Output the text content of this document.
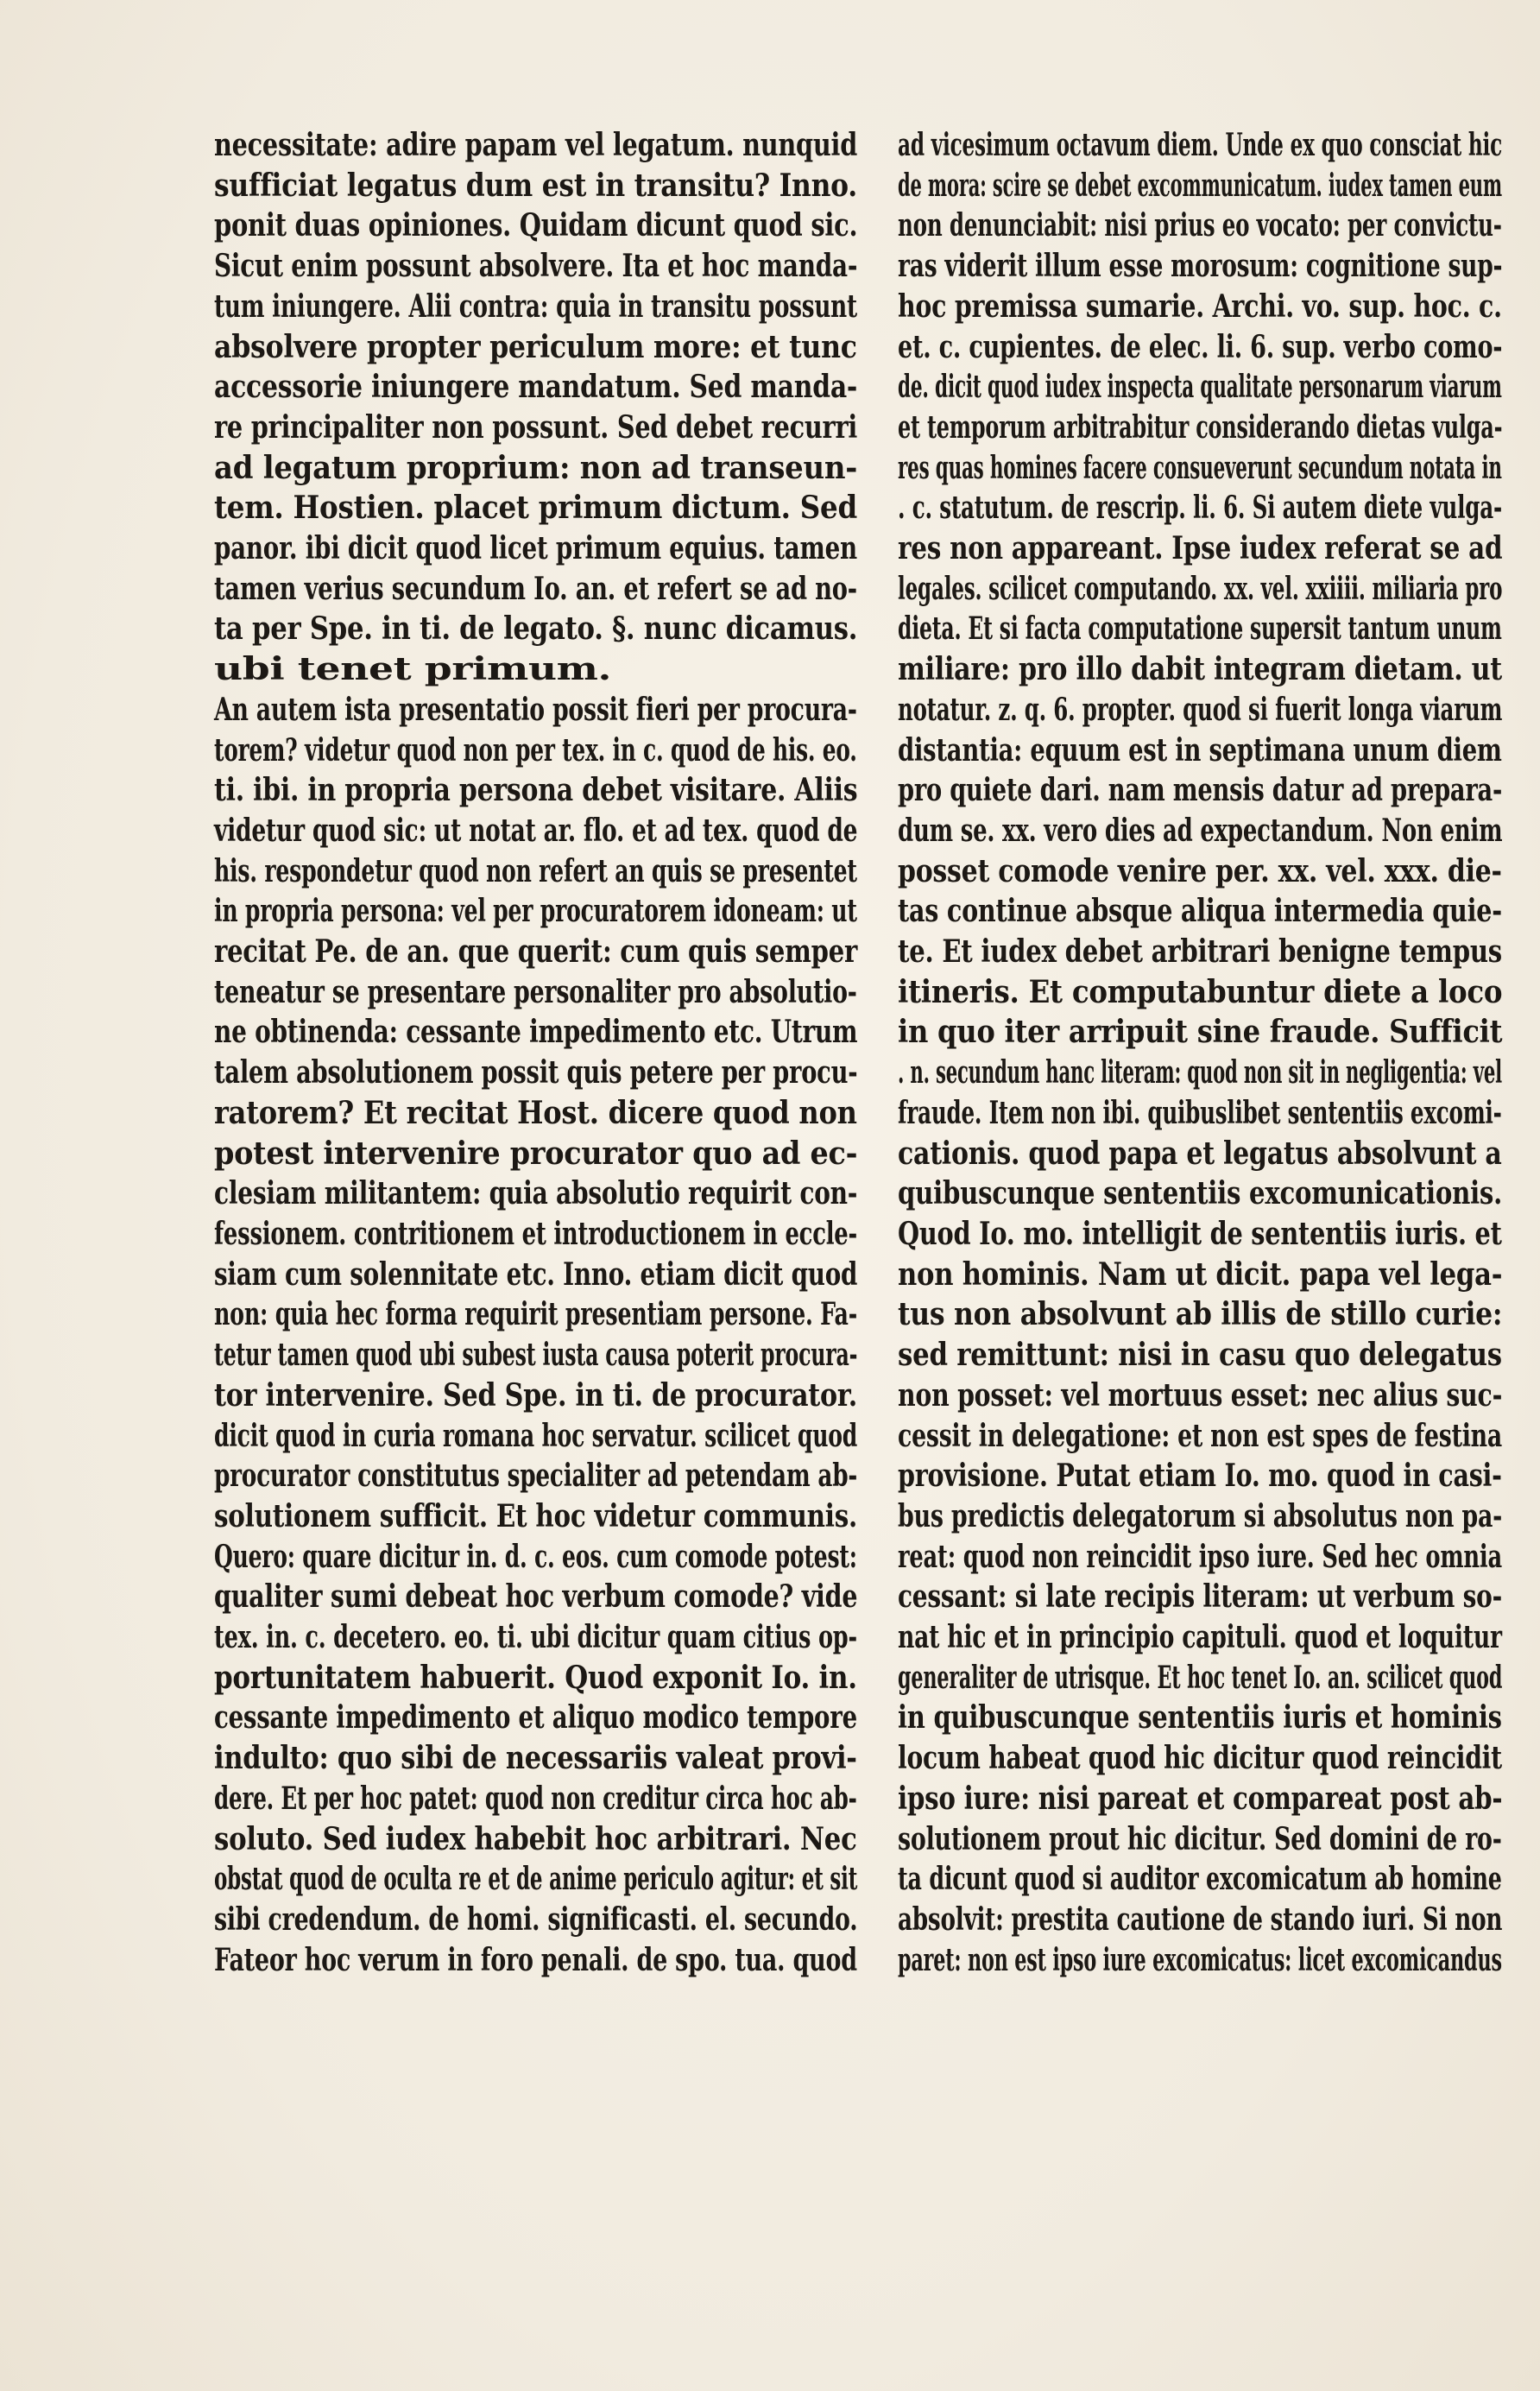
necessitate: adire papam vel legatum. nunquid
sufficiat legatus dum est in transitu? Inno.
ponit duas opiniones. Quidam dicunt quod sic.
Sicut enim possunt absolvere. Ita et hoc manda-
tum iniungere. Alii contra: quia in transitu possunt
absolvere propter periculum more: et tunc
accessorie iniungere mandatum. Sed manda-
re principaliter non possunt. Sed debet recurri
ad legatum proprium: non ad transeun-
tem. Hostien. placet primum dictum. Sed
panor. ibi dicit quod licet primum equius. tamen
tamen verius secundum Io. an. et refert se ad no-
ta per Spe. in ti. de legato. §. nunc dicamus.
ubi tenet primum.
An autem ista presentatio possit fieri per procura-
torem? videtur quod non per tex. in c. quod de his. eo.
ti. ibi. in propria persona debet visitare. Aliis
videtur quod sic: ut notat ar. flo. et ad tex. quod de
his. respondetur quod non refert an quis se presentet
in propria persona: vel per procuratorem idoneam: ut
recitat Pe. de an. que querit: cum quis semper
teneatur se presentare personaliter pro absolutio-
ne obtinenda: cessante impedimento etc. Utrum
talem absolutionem possit quis petere per procu-
ratorem? Et recitat Host. dicere quod non
potest intervenire procurator quo ad ec-
clesiam militantem: quia absolutio requirit con-
fessionem. contritionem et introductionem in eccle-
siam cum solennitate etc. Inno. etiam dicit quod
non: quia hec forma requirit presentiam persone. Fa-
tetur tamen quod ubi subest iusta causa poterit procura-
tor intervenire. Sed Spe. in ti. de procurator.
dicit quod in curia romana hoc servatur. scilicet quod
procurator constitutus specialiter ad petendam ab-
solutionem sufficit. Et hoc videtur communis.
Quero: quare dicitur in. d. c. eos. cum comode potest:
qualiter sumi debeat hoc verbum comode? vide
tex. in. c. decetero. eo. ti. ubi dicitur quam citius op-
portunitatem habuerit. Quod exponit Io. in.
cessante impedimento et aliquo modico tempore
indulto: quo sibi de necessariis valeat provi-
dere. Et per hoc patet: quod non creditur circa hoc ab-
soluto. Sed iudex habebit hoc arbitrari. Nec
obstat quod de oculta re et de anime periculo agitur: et sit
sibi credendum. de homi. significasti. el. secundo.
Fateor hoc verum in foro penali. de spo. tua. quod
ad vicesimum octavum diem. Unde ex quo consciat hic
de mora: scire se debet excommunicatum. iudex tamen eum
non denunciabit: nisi prius eo vocato: per convictu-
ras viderit illum esse morosum: cognitione sup-
hoc premissa sumarie. Archi. vo. sup. hoc. c.
et. c. cupientes. de elec. li. 6. sup. verbo como-
de. dicit quod iudex inspecta qualitate personarum viarum
et temporum arbitrabitur considerando dietas vulga-
res quas homines facere consueverunt secundum notata in
. c. statutum. de rescrip. li. 6. Si autem diete vulga-
res non appareant. Ipse iudex referat se ad
legales. scilicet computando. xx. vel. xxiiii. miliaria pro
dieta. Et si facta computatione supersit tantum unum
miliare: pro illo dabit integram dietam. ut
notatur. z. q. 6. propter. quod si fuerit longa viarum
distantia: equum est in septimana unum diem
pro quiete dari. nam mensis datur ad prepara-
dum se. xx. vero dies ad expectandum. Non enim
posset comode venire per. xx. vel. xxx. die-
tas continue absque aliqua intermedia quie-
te. Et iudex debet arbitrari benigne tempus
itineris. Et computabuntur diete a loco
in quo iter arripuit sine fraude. Sufficit
. n. secundum hanc literam: quod non sit in negligentia: vel
fraude. Item non ibi. quibuslibet sententiis excomi-
cationis. quod papa et legatus absolvunt a
quibuscunque sententiis excomunicationis.
Quod Io. mo. intelligit de sententiis iuris. et
non hominis. Nam ut dicit. papa vel lega-
tus non absolvunt ab illis de stillo curie:
sed remittunt: nisi in casu quo delegatus
non posset: vel mortuus esset: nec alius suc-
cessit in delegatione: et non est spes de festina
provisione. Putat etiam Io. mo. quod in casi-
bus predictis delegatorum si absolutus non pa-
reat: quod non reincidit ipso iure. Sed hec omnia
cessant: si late recipis literam: ut verbum so-
nat hic et in principio capituli. quod et loquitur
generaliter de utrisque. Et hoc tenet Io. an. scilicet quod
in quibuscunque sententiis iuris et hominis
locum habeat quod hic dicitur quod reincidit
ipso iure: nisi pareat et compareat post ab-
solutionem prout hic dicitur. Sed domini de ro-
ta dicunt quod si auditor excomicatum ab homine
absolvit: prestita cautione de stando iuri. Si non
paret: non est ipso iure excomicatus: licet excomicandus
